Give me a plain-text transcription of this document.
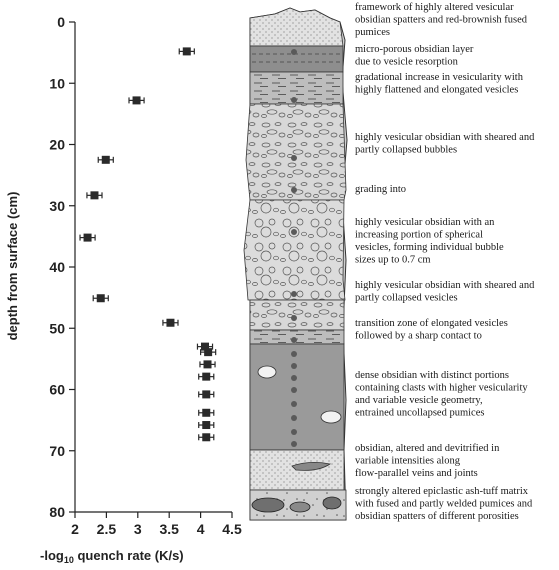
0
10
20
30
40
50
60
70
80
2 2.5 3 3.5 4 4.5
depth from surface (cm)
$-\log_{10}$ quench rate (K/s)
framework of highly altered vesicular obsidian spatters and red-brownish fused pumices
micro-porous obsidian layer due to vesicle resorption
gradational increase in vesicularity with highly flattened and elongated vesicles
highly vesicular obsidian with sheared and partly collapsed bubbles
grading into
highly vesicular obsidian with an increasing portion of spherical vesicles, forming individual bubble sizes up to 0.7 cm
highly vesicular obsidian with sheared and partly collapsed vesicles
transition zone of elongated vesicles followed by a sharp contact to
dense obsidian with distinct portions containing clasts with higher vesicularity and variable vesicle geometry, entrained uncollapsed pumices
obsidian, altered and devitrified in variable intensities along flow-parallel veins and joints
strongly altered epiclastic ash-tuff matrix with fused and partly welded pumices and obsidian spatters of different porosities
